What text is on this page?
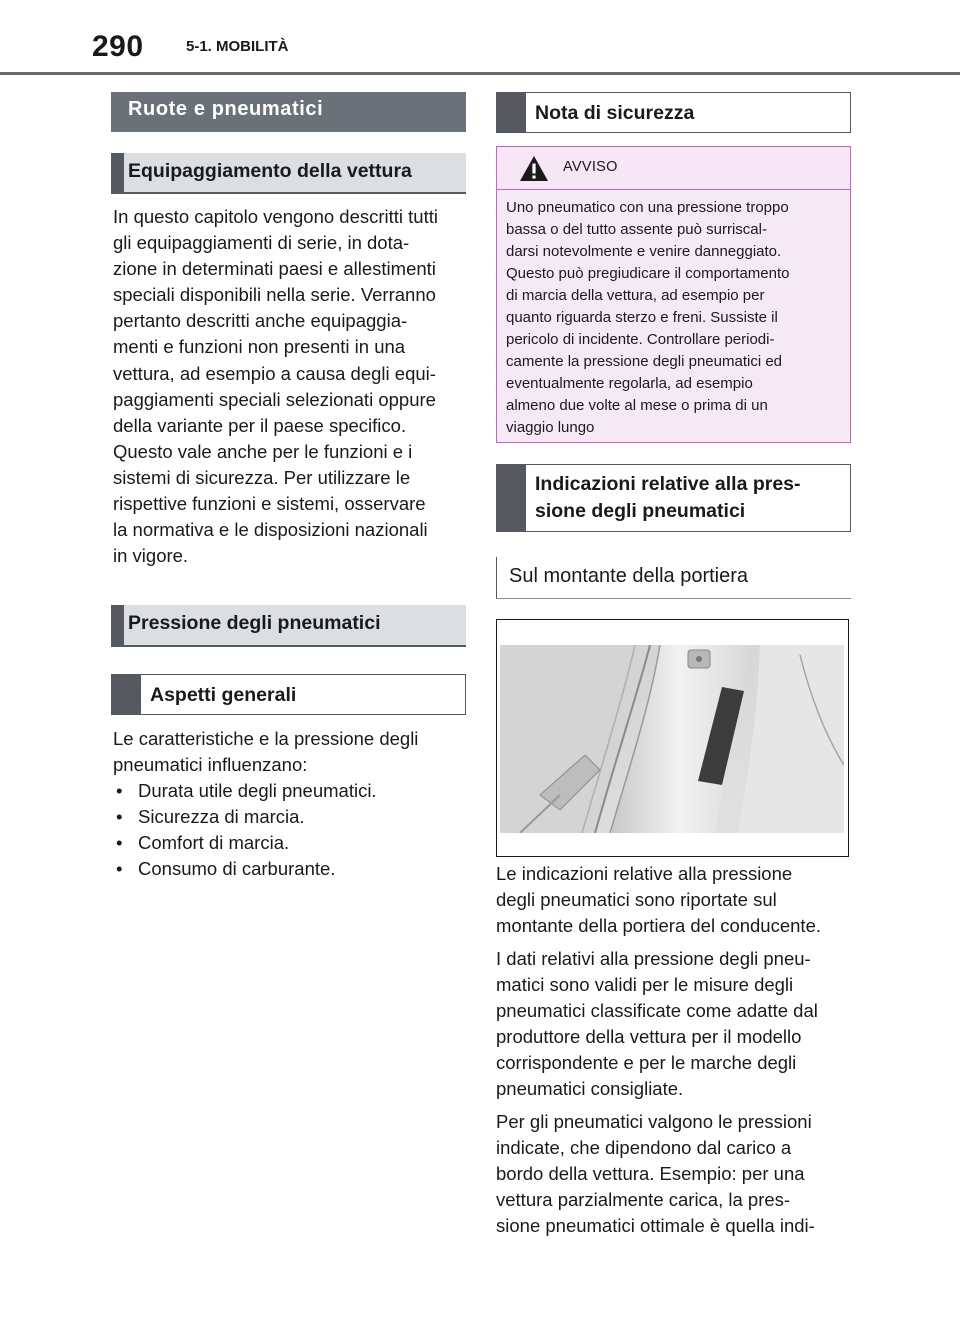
290	5-1. MOBILITÀ
Ruote e pneumatici
Equipaggiamento della vettura
In questo capitolo vengono descritti tutti
gli equipaggiamenti di serie, in dota-
zione in determinati paesi e allestimenti
speciali disponibili nella serie. Verranno
pertanto descritti anche equipaggia-
menti e funzioni non presenti in una
vettura, ad esempio a causa degli equi-
paggiamenti speciali selezionati oppure
della variante per il paese specifico.
Questo vale anche per le funzioni e i
sistemi di sicurezza. Per utilizzare le
rispettive funzioni e sistemi, osservare
la normativa e le disposizioni nazionali
in vigore.
Pressione degli pneumatici
Aspetti generali
Le caratteristiche e la pressione degli
pneumatici influenzano:
• Durata utile degli pneumatici.
• Sicurezza di marcia.
• Comfort di marcia.
• Consumo di carburante.
Nota di sicurezza
AVVISO
Uno pneumatico con una pressione troppo
bassa o del tutto assente può surriscal-
darsi notevolmente e venire danneggiato.
Questo può pregiudicare il comportamento
di marcia della vettura, ad esempio per
quanto riguarda sterzo e freni. Sussiste il
pericolo di incidente. Controllare periodi-
camente la pressione degli pneumatici ed
eventualmente regolarla, ad esempio
almeno due volte al mese o prima di un
viaggio lungo
Indicazioni relative alla pres-
sione degli pneumatici
Sul montante della portiera
Le indicazioni relative alla pressione
degli pneumatici sono riportate sul
montante della portiera del conducente.
I dati relativi alla pressione degli pneu-
matici sono validi per le misure degli
pneumatici classificate come adatte dal
produttore della vettura per il modello
corrispondente e per le marche degli
pneumatici consigliate.
Per gli pneumatici valgono le pressioni
indicate, che dipendono dal carico a
bordo della vettura. Esempio: per una
vettura parzialmente carica, la pres-
sione pneumatici ottimale è quella indi-
